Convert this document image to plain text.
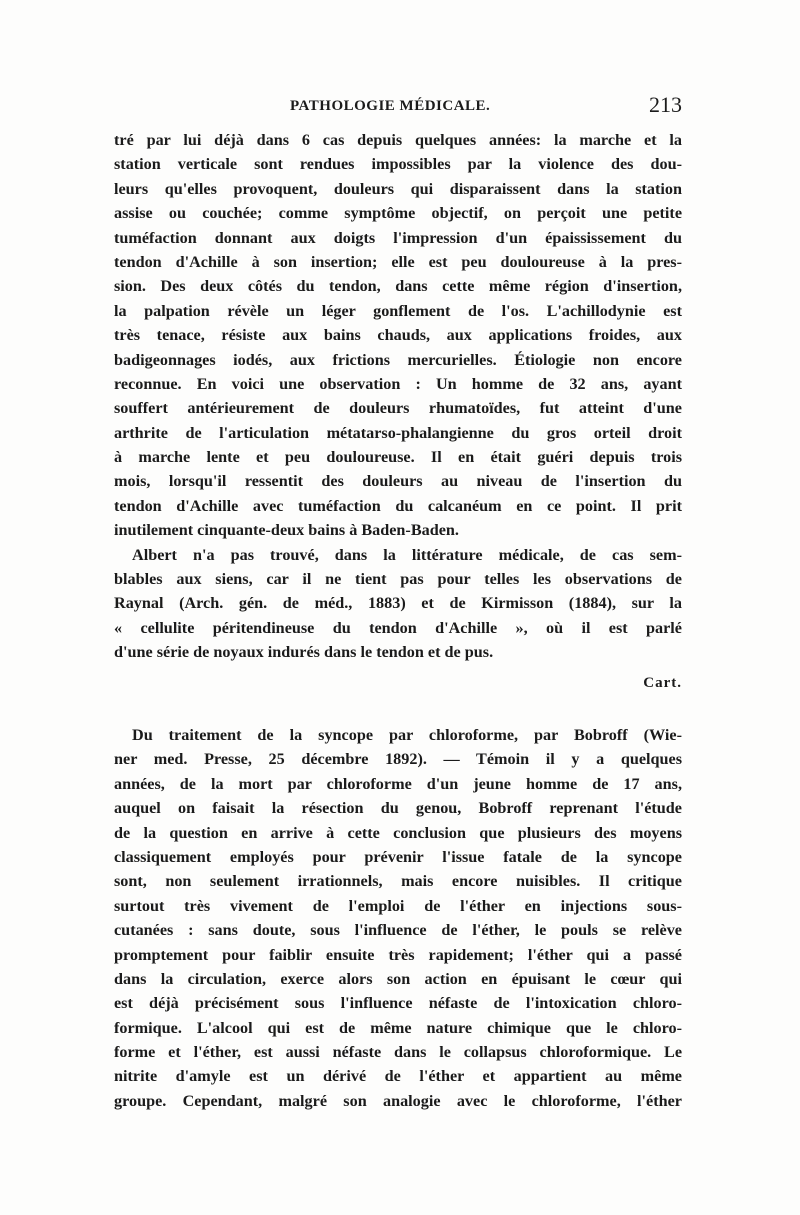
PATHOLOGIE MÉDICALE.	213
tré par lui déjà dans 6 cas depuis quelques années: la marche et la
station verticale sont rendues impossibles par la violence des dou-
leurs qu'elles provoquent, douleurs qui disparaissent dans la station
assise ou couchée; comme symptôme objectif, on perçoit une petite
tuméfaction donnant aux doigts l'impression d'un épaississement du
tendon d'Achille à son insertion; elle est peu douloureuse à la pres-
sion. Des deux côtés du tendon, dans cette même région d'insertion,
la palpation révèle un léger gonflement de l'os. L'achillodynie est
très tenace, résiste aux bains chauds, aux applications froides, aux
badigeonnages iodés, aux frictions mercurielles. Étiologie non encore
reconnue. En voici une observation : Un homme de 32 ans, ayant
souffert antérieurement de douleurs rhumatoïdes, fut atteint d'une
arthrite de l'articulation métatarso-phalangienne du gros orteil droit
à marche lente et peu douloureuse. Il en était guéri depuis trois
mois, lorsqu'il ressentit des douleurs au niveau de l'insertion du
tendon d'Achille avec tuméfaction du calcanéum en ce point. Il prit
inutilement cinquante-deux bains à Baden-Baden.
Albert n'a pas trouvé, dans la littérature médicale, de cas sem-
blables aux siens, car il ne tient pas pour telles les observations de
Raynal (Arch. gén. de méd., 1883) et de Kirmisson (1884), sur la
« cellulite péritendineuse du tendon d'Achille », où il est parlé
d'une série de noyaux indurés dans le tendon et de pus.
Cart.
Du traitement de la syncope par chloroforme, par Bobroff (Wie-
ner med. Presse, 25 décembre 1892). — Témoin il y a quelques
années, de la mort par chloroforme d'un jeune homme de 17 ans,
auquel on faisait la résection du genou, Bobroff reprenant l'étude
de la question en arrive à cette conclusion que plusieurs des moyens
classiquement employés pour prévenir l'issue fatale de la syncope
sont, non seulement irrationnels, mais encore nuisibles. Il critique
surtout très vivement de l'emploi de l'éther en injections sous-
cutanées : sans doute, sous l'influence de l'éther, le pouls se relève
promptement pour faiblir ensuite très rapidement; l'éther qui a passé
dans la circulation, exerce alors son action en épuisant le cœur qui
est déjà précisément sous l'influence néfaste de l'intoxication chloro-
formique. L'alcool qui est de même nature chimique que le chloro-
forme et l'éther, est aussi néfaste dans le collapsus chloroformique. Le
nitrite d'amyle est un dérivé de l'éther et appartient au même
groupe. Cependant, malgré son analogie avec le chloroforme, l'éther
